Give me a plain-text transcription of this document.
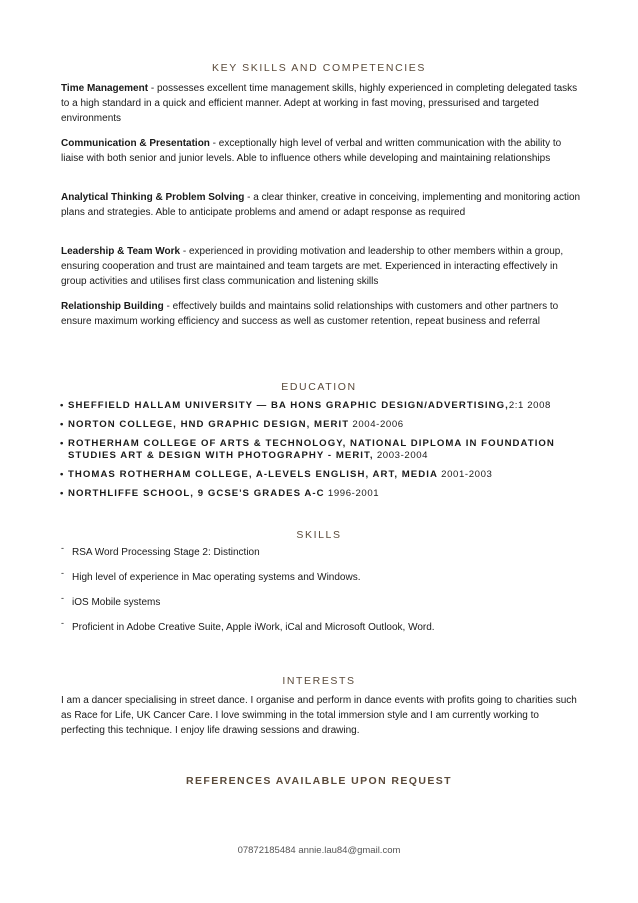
KEY SKILLS AND COMPETENCIES
Time Management - possesses excellent time management skills, highly experienced in completing delegated tasks to a high standard in a quick and efficient manner. Adept at working in fast moving, pressurised and targeted environments
Communication & Presentation - exceptionally high level of verbal and written communication with the ability to liaise with both senior and junior levels. Able to influence others while developing and maintaining relationships
Analytical Thinking & Problem Solving - a clear thinker, creative in conceiving, implementing and monitoring action plans and strategies. Able to anticipate problems and amend or adapt response as required
Leadership & Team Work - experienced in providing motivation and leadership to other members within a group, ensuring cooperation and trust are maintained and team targets are met. Experienced in interacting effectively in group activities and utilises first class communication and listening skills
Relationship Building - effectively builds and maintains solid relationships with customers and other partners to ensure maximum working efficiency and success as well as customer retention, repeat business and referral
EDUCATION
• SHEFFIELD HALLAM UNIVERSITY — BA HONS GRAPHIC DESIGN/ADVERTISING,2:1 2008
• NORTON COLLEGE, HND GRAPHIC DESIGN, MERIT 2004-2006
• ROTHERHAM COLLEGE OF ARTS & TECHNOLOGY, NATIONAL DIPLOMA IN FOUNDATION STUDIES ART & DESIGN WITH PHOTOGRAPHY - MERIT, 2003-2004
• THOMAS ROTHERHAM COLLEGE, A-LEVELS ENGLISH, ART, MEDIA 2001-2003
• NORTHLIFFE SCHOOL, 9 GCSE'S GRADES A-C 1996-2001
SKILLS
- RSA Word Processing Stage 2: Distinction
- High level of experience in Mac operating systems and Windows.
- iOS Mobile systems
- Proficient in Adobe Creative Suite, Apple iWork, iCal and Microsoft Outlook, Word.
INTERESTS
I am a dancer specialising in street dance. I organise and perform in dance events with profits going to charities such as Race for Life, UK Cancer Care. I love swimming in the total immersion style and I am currently working to perfecting this technique. I enjoy life drawing sessions and drawing.
REFERENCES AVAILABLE UPON REQUEST
07872185484 annie.lau84@gmail.com
